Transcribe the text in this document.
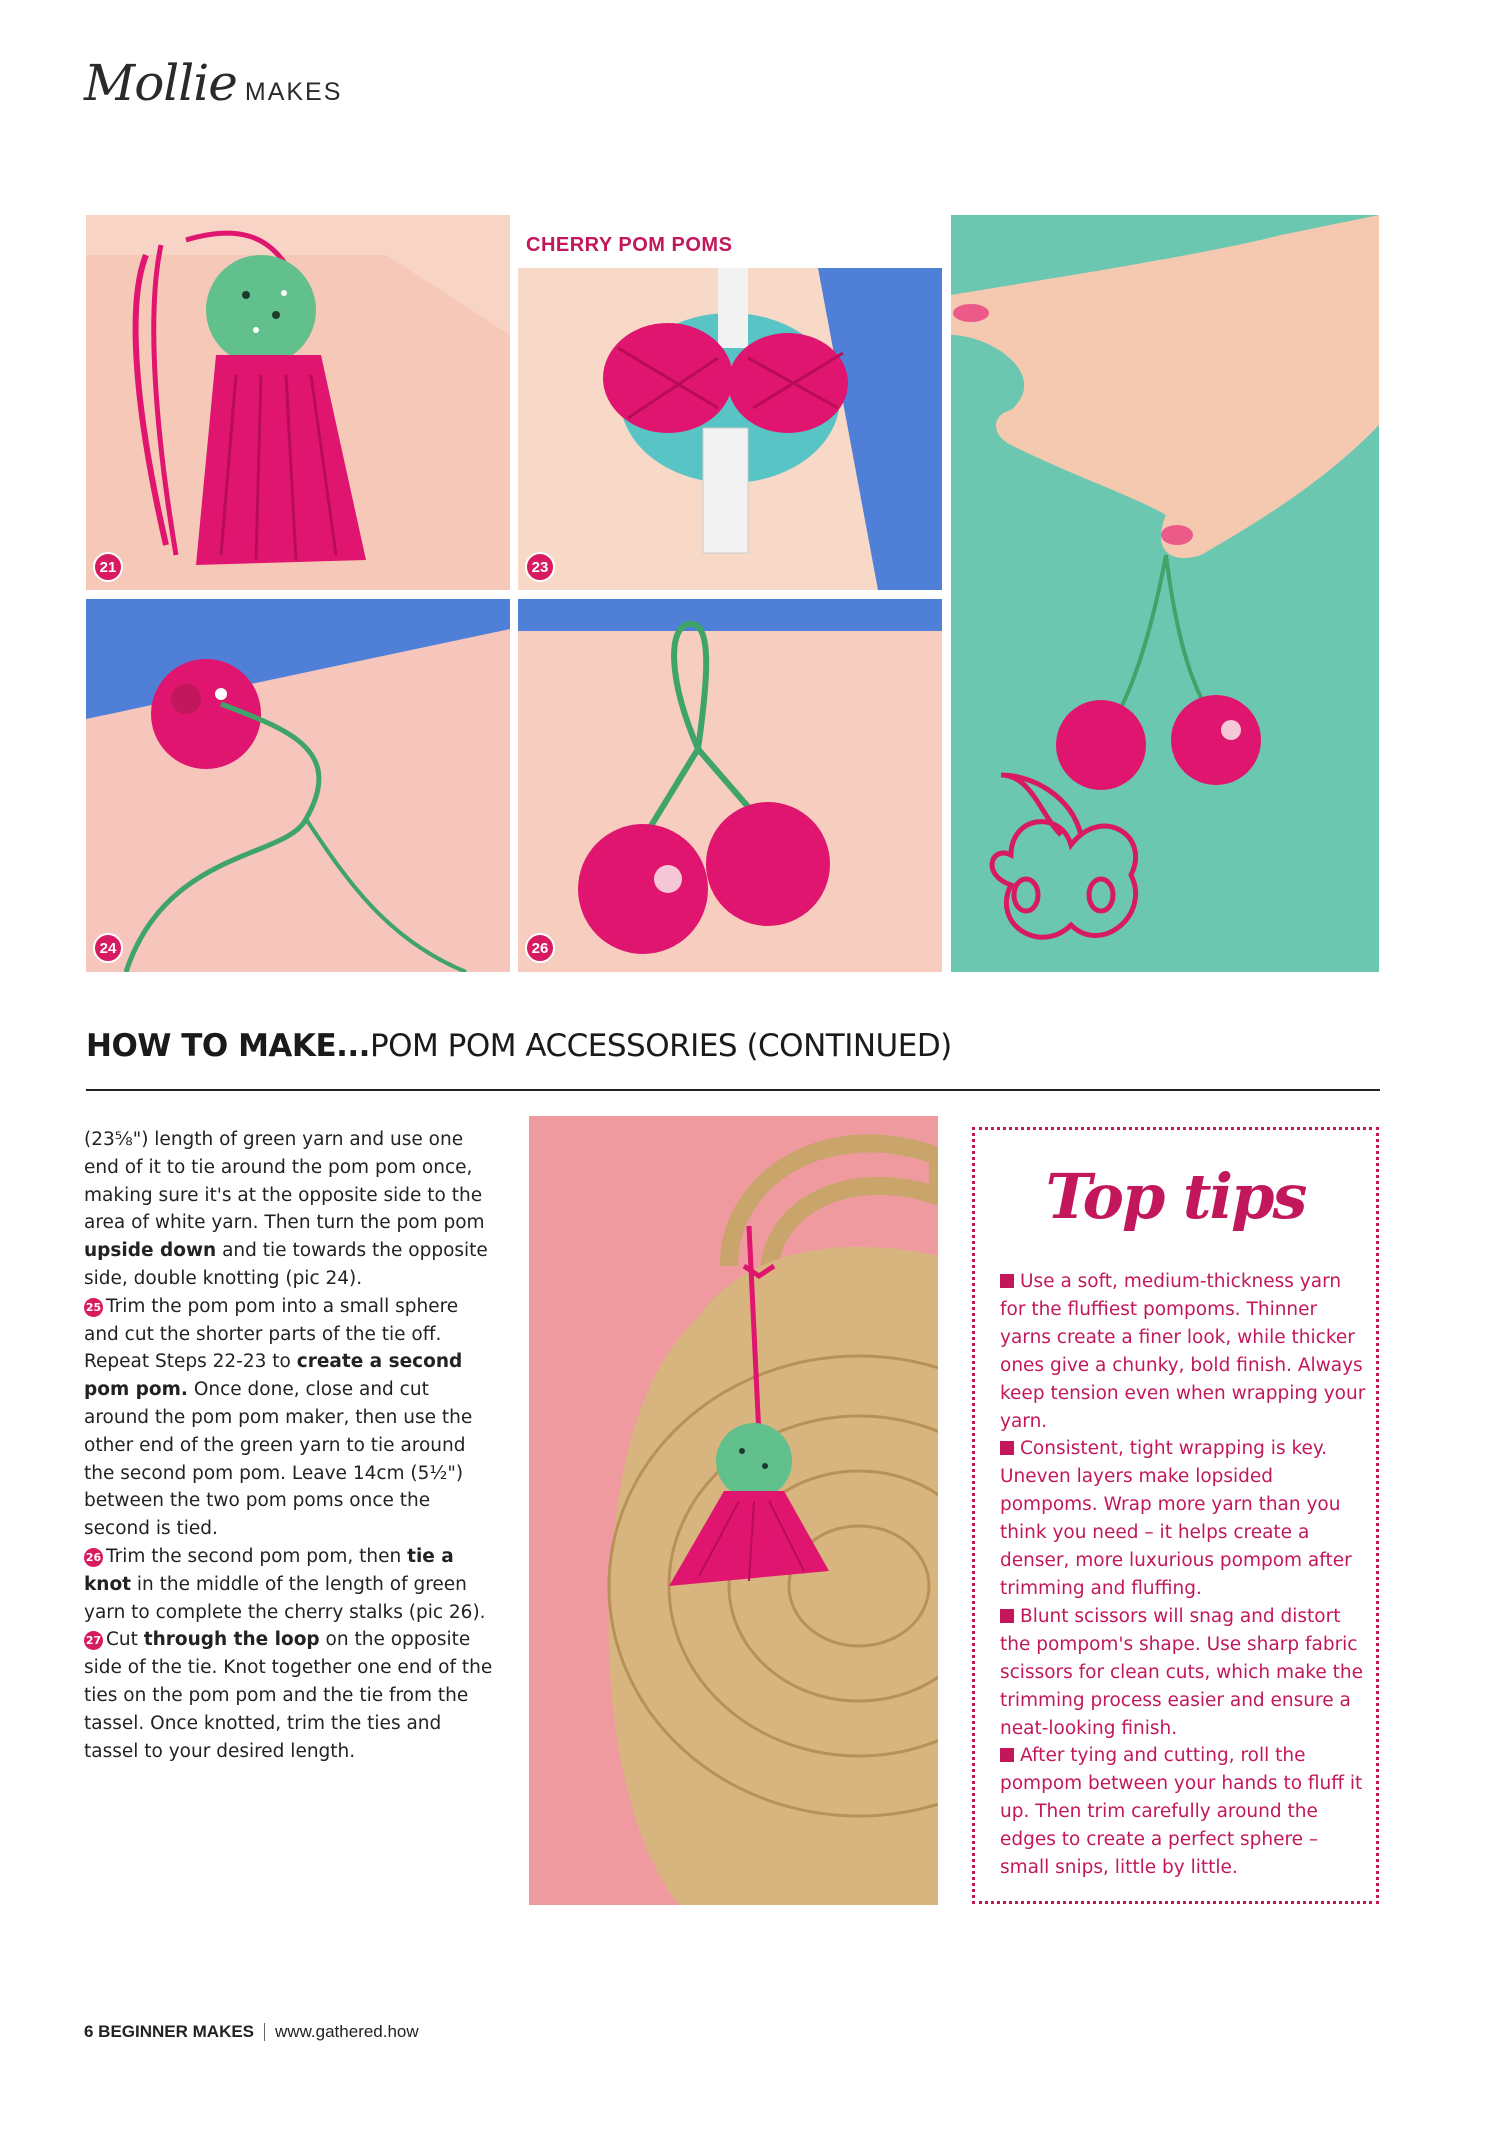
Mollie MAKES
21
CHERRY POM POMS
23
24	26
HOW TO MAKE...POM POM ACCESSORIES (CONTINUED)
(23⅝") length of green yarn and use one end of it to tie around the pom pom once, making sure it's at the opposite side to the area of white yarn. Then turn the pom pom upside down and tie towards the opposite side, double knotting (pic 24).
25 Trim the pom pom into a small sphere and cut the shorter parts of the tie off. Repeat Steps 22-23 to create a second pom pom. Once done, close and cut around the pom pom maker, then use the other end of the green yarn to tie around the second pom pom. Leave 14cm (5½") between the two pom poms once the second is tied.
26 Trim the second pom pom, then tie a knot in the middle of the length of green yarn to complete the cherry stalks (pic 26).
27 Cut through the loop on the opposite side of the tie. Knot together one end of the ties on the pom pom and the tie from the tassel. Once knotted, trim the ties and tassel to your desired length.
Top tips
Use a soft, medium-thickness yarn for the fluffiest pompoms. Thinner yarns create a finer look, while thicker ones give a chunky, bold finish. Always keep tension even when wrapping your yarn.
Consistent, tight wrapping is key. Uneven layers make lopsided pompoms. Wrap more yarn than you think you need – it helps create a denser, more luxurious pompom after trimming and fluffing.
Blunt scissors will snag and distort the pompom's shape. Use sharp fabric scissors for clean cuts, which make the trimming process easier and ensure a neat-looking finish.
After tying and cutting, roll the pompom between your hands to fluff it up. Then trim carefully around the edges to create a perfect sphere – small snips, little by little.
6 BEGINNER MAKES www.gathered.how
